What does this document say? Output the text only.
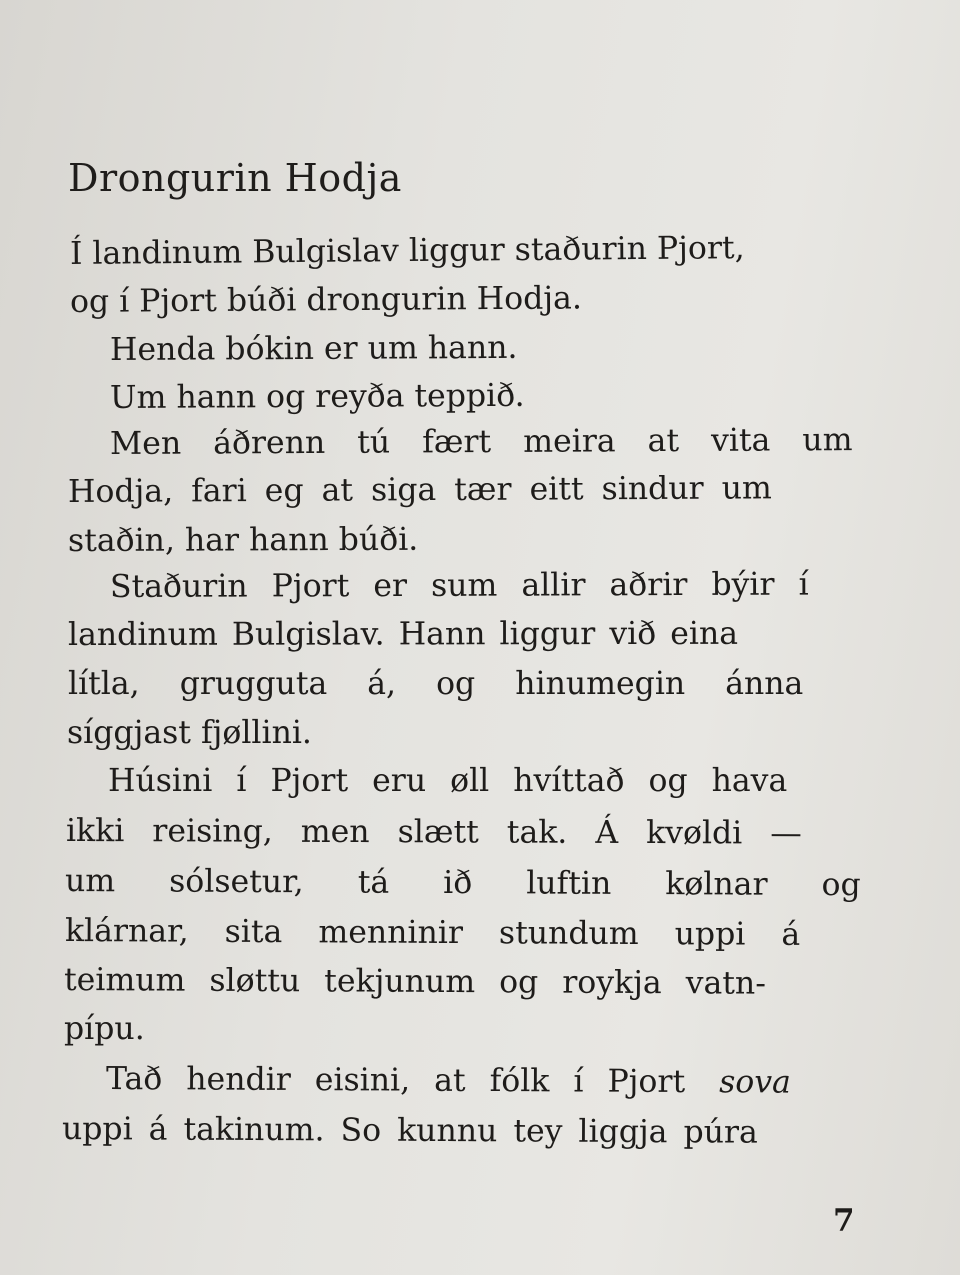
Drongurin Hodja
Í landinum Bulgislav liggur staðurin Pjort,
og í Pjort búði drongurin Hodja.
Henda bókin er um hann.
Um hann og reyða teppið.
Men áðrenn tú fært meira at vita um
Hodja, fari eg at siga tær eitt sindur um
staðin, har hann búði.
Staðurin Pjort er sum allir aðrir býir í
landinum Bulgislav. Hann liggur við eina
lítla, grugguta á, og hinumegin ánna
síggjast fjøllini.
Húsini í Pjort eru øll hvíttað og hava
ikki reising, men slætt tak. Á kvøldi —
um sólsetur, tá ið luftin kølnar og
klárnar, sita menninir stundum uppi á
teimum sløttu tekjunum og roykja vatn-
pípu.
Tað hendir eisini, at fólk í Pjort sova
uppi á takinum. So kunnu tey liggja púra
7
